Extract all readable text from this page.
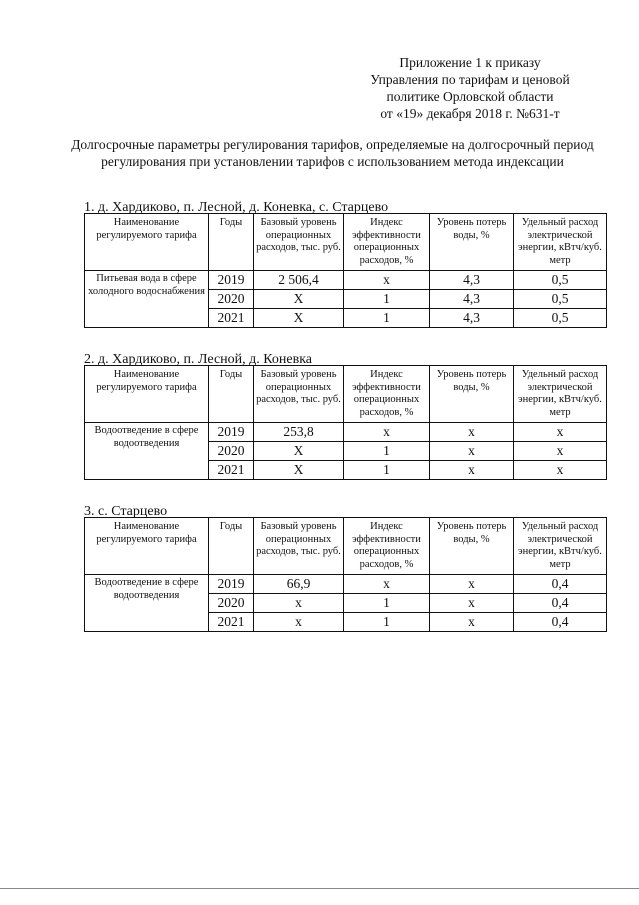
Приложение 1 к приказу
Управления по тарифам и ценовой
политике Орловской области
от «19» декабря 2018 г. №631-т
Долгосрочные параметры регулирования тарифов, определяемые на долгосрочный период регулирования при установлении тарифов с использованием метода индексации
1. д. Хардиково, п. Лесной, д. Коневка, с. Старцево
Наименование регулируемого тарифа	Годы	Базовый уровень операционных расходов, тыс. руб.	Индекс эффективности операционных расходов, %	Уровень потерь воды, %	Удельный расход электрической энергии, кВтч/куб. метр
Питьевая вода в сфере холодного водоснабжения	2019	2 506,4	х	4,3	0,5
	2020	Х	1	4,3	0,5
	2021	Х	1	4,3	0,5
2. д. Хардиково, п. Лесной, д. Коневка
Наименование регулируемого тарифа	Годы	Базовый уровень операционных расходов, тыс. руб.	Индекс эффективности операционных расходов, %	Уровень потерь воды, %	Удельный расход электрической энергии, кВтч/куб. метр
Водоотведение в сфере водоотведения	2019	253,8	х	х	х
	2020	Х	1	х	х
	2021	Х	1	х	х
3. с. Старцево
Наименование регулируемого тарифа	Годы	Базовый уровень операционных расходов, тыс. руб.	Индекс эффективности операционных расходов, %	Уровень потерь воды, %	Удельный расход электрической энергии, кВтч/куб. метр
Водоотведение в сфере водоотведения	2019	66,9	х	х	0,4
	2020	х	1	х	0,4
	2021	х	1	х	0,4
